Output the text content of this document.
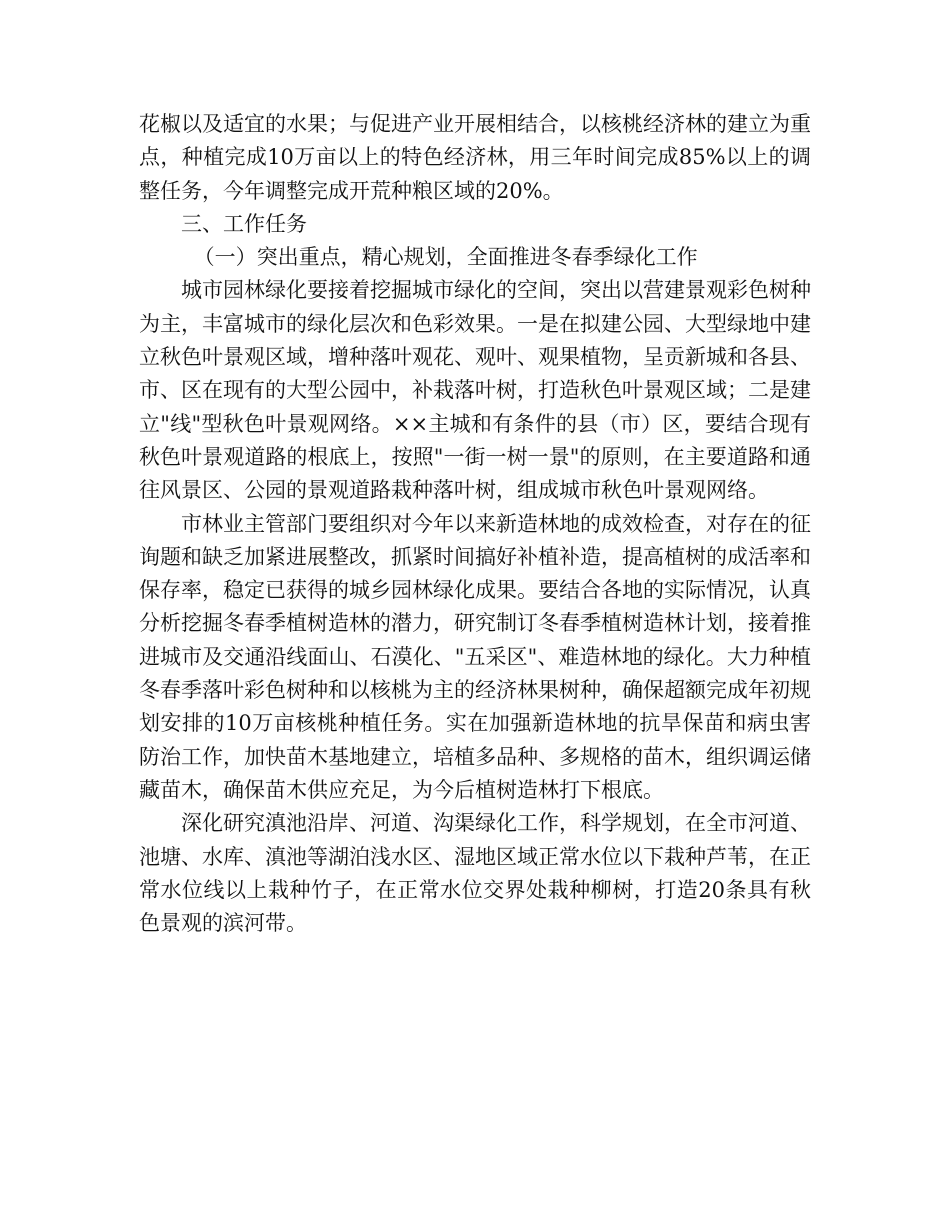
花椒以及适宜的水果；与促进产业开展相结合，以核桃经济林的建立为重点，种植完成10万亩以上的特色经济林，用三年时间完成85%以上的调整任务，今年调整完成开荒种粮区域的20%。

三、工作任务

（一）突出重点，精心规划，全面推进冬春季绿化工作

城市园林绿化要接着挖掘城市绿化的空间，突出以营建景观彩色树种为主，丰富城市的绿化层次和色彩效果。一是在拟建公园、大型绿地中建立秋色叶景观区域，增种落叶观花、观叶、观果植物，呈贡新城和各县、市、区在现有的大型公园中，补栽落叶树，打造秋色叶景观区域；二是建立"线"型秋色叶景观网络。××主城和有条件的县（市）区，要结合现有秋色叶景观道路的根底上，按照"一街一树一景"的原则，在主要道路和通往风景区、公园的景观道路栽种落叶树，组成城市秋色叶景观网络。

市林业主管部门要组织对今年以来新造林地的成效检查，对存在的征询题和缺乏加紧进展整改，抓紧时间搞好补植补造，提高植树的成活率和保存率，稳定已获得的城乡园林绿化成果。要结合各地的实际情况，认真分析挖掘冬春季植树造林的潜力，研究制订冬春季植树造林计划，接着推进城市及交通沿线面山、石漠化、"五采区"、难造林地的绿化。大力种植冬春季落叶彩色树种和以核桃为主的经济林果树种，确保超额完成年初规划安排的10万亩核桃种植任务。实在加强新造林地的抗旱保苗和病虫害防治工作，加快苗木基地建立，培植多品种、多规格的苗木，组织调运储藏苗木，确保苗木供应充足，为今后植树造林打下根底。

深化研究滇池沿岸、河道、沟渠绿化工作，科学规划，在全市河道、池塘、水库、滇池等湖泊浅水区、湿地区域正常水位以下栽种芦苇，在正常水位线以上栽种竹子，在正常水位交界处栽种柳树，打造20条具有秋色景观的滨河带。
